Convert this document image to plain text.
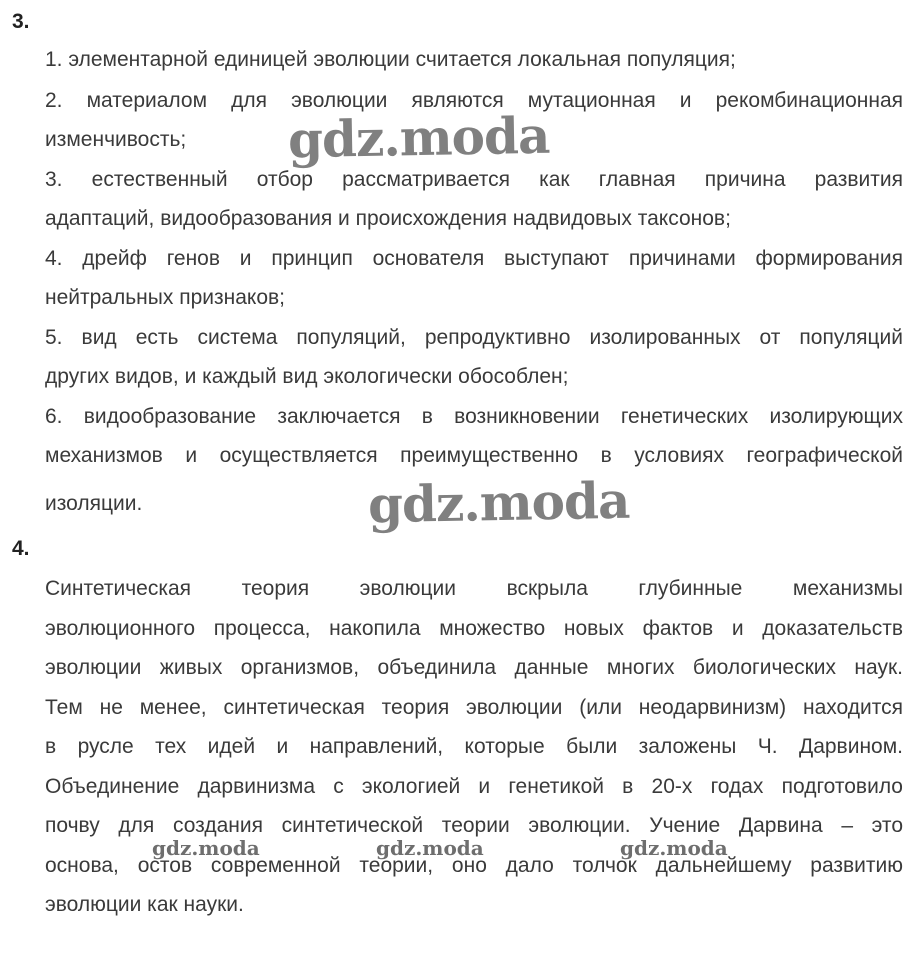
3.
1. элементарной единицей эволюции считается локальная популяция;
2. материалом для эволюции являются мутационная и рекомбинационная
изменчивость;
3. естественный отбор рассматривается как главная причина развития
адаптаций, видообразования и происхождения надвидовых таксонов;
4. дрейф генов и принцип основателя выступают причинами формирования
нейтральных признаков;
5. вид есть система популяций, репродуктивно изолированных от популяций
других видов, и каждый вид экологически обособлен;
6. видообразование заключается в возникновении генетических изолирующих
механизмов и осуществляется преимущественно в условиях географической
изоляции.
4.
Синтетическая теория эволюции вскрыла глубинные механизмы
эволюционного процесса, накопила множество новых фактов и доказательств
эволюции живых организмов, объединила данные многих биологических наук.
Тем не менее, синтетическая теория эволюции (или неодарвинизм) находится
в русле тех идей и направлений, которые были заложены Ч. Дарвином.
Объединение дарвинизма с экологией и генетикой в 20-х годах подготовило
почву для создания синтетической теории эволюции. Учение Дарвина – это
основа, остов современной теории, оно дало толчок дальнейшему развитию
эволюции как науки.
gdz.moda
gdz.moda
gdz.moda	gdz.moda	gdz.moda
